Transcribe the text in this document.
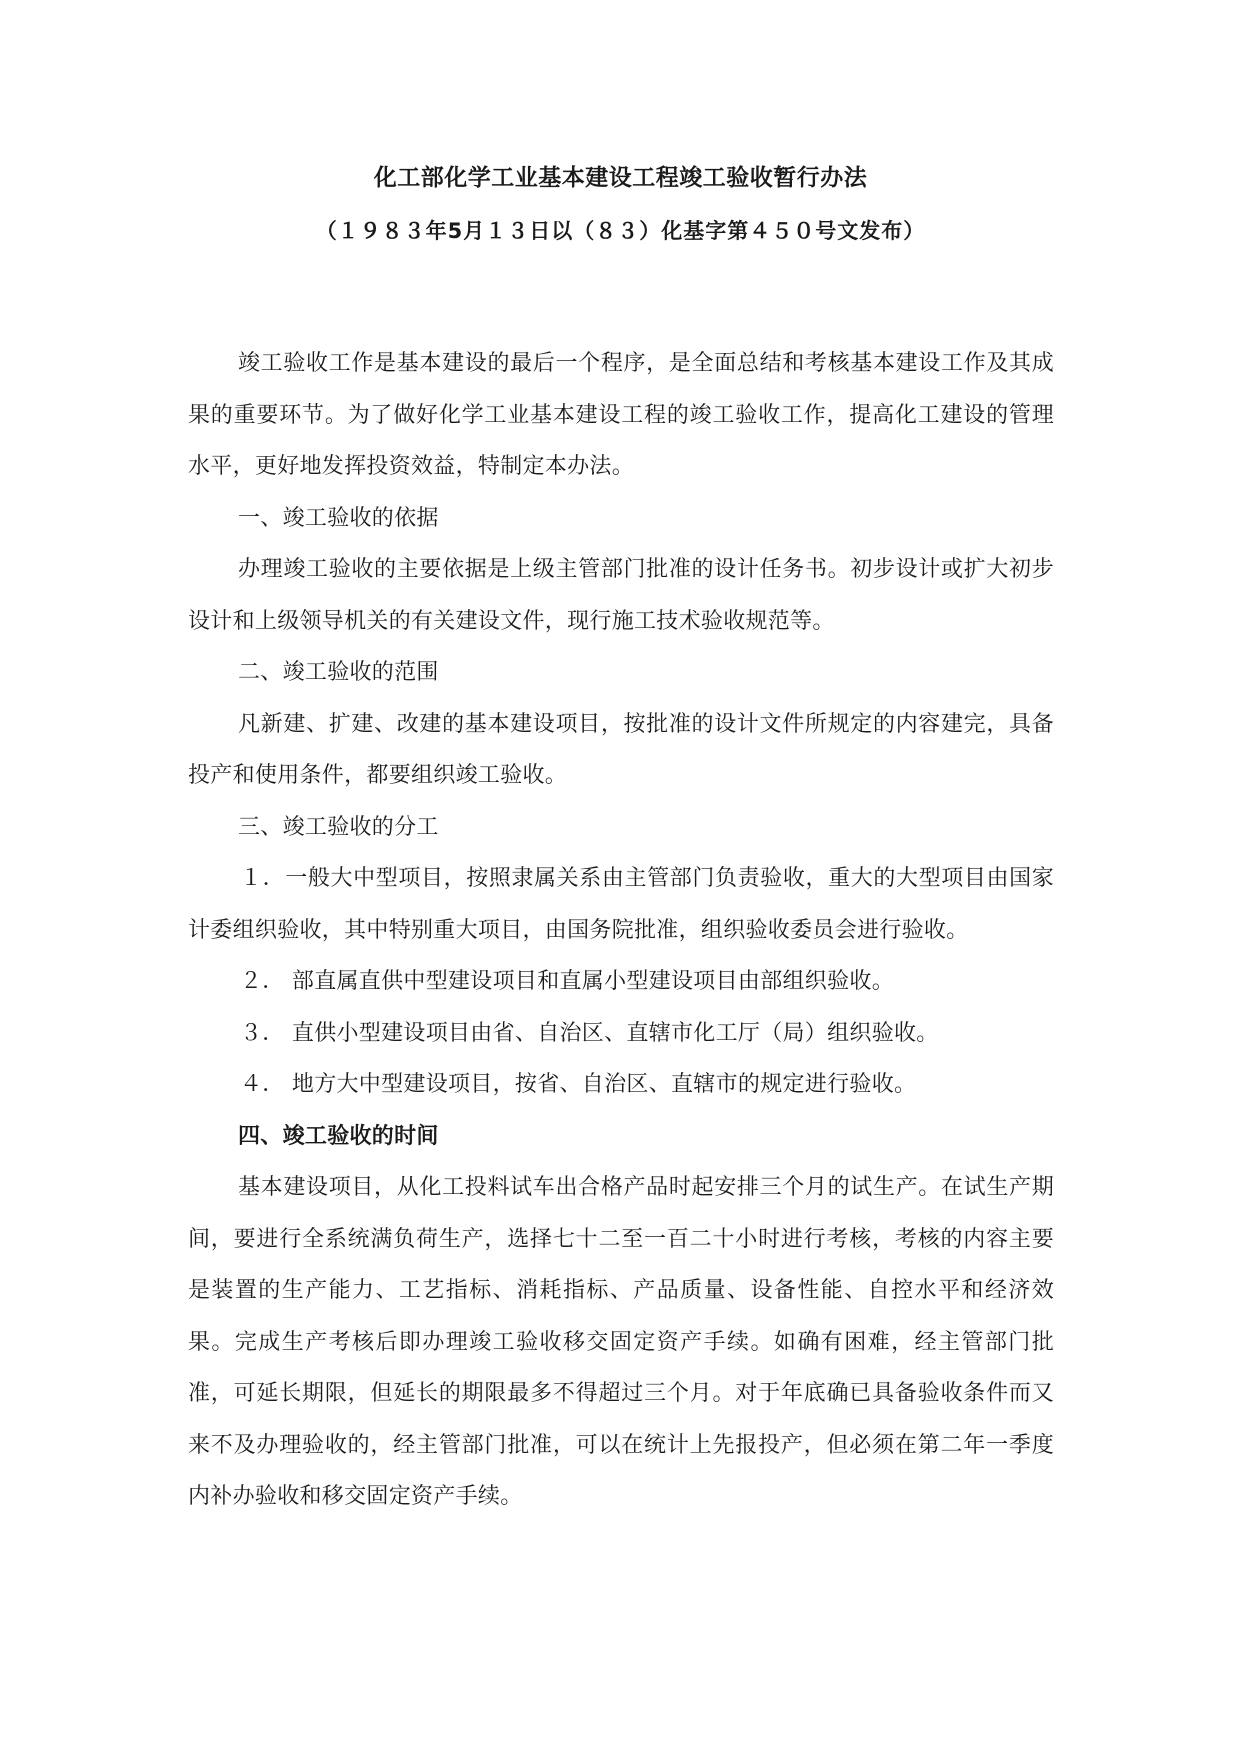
化工部化学工业基本建设工程竣工验收暂行办法

（１９８３年5月１３日以（８３）化基字第４５０号文发布）

竣工验收工作是基本建设的最后一个程序，是全面总结和考核基本建设工作及其成果的重要环节。为了做好化学工业基本建设工程的竣工验收工作，提高化工建设的管理水平，更好地发挥投资效益，特制定本办法。

一、竣工验收的依据

办理竣工验收的主要依据是上级主管部门批准的设计任务书。初步设计或扩大初步设计和上级领导机关的有关建设文件，现行施工技术验收规范等。

二、竣工验收的范围

凡新建、扩建、改建的基本建设项目，按批准的设计文件所规定的内容建完，具备投产和使用条件，都要组织竣工验收。

三、竣工验收的分工

１．一般大中型项目，按照隶属关系由主管部门负责验收，重大的大型项目由国家计委组织验收，其中特别重大项目，由国务院批准，组织验收委员会进行验收。

２． 部直属直供中型建设项目和直属小型建设项目由部组织验收。

３． 直供小型建设项目由省、自治区、直辖市化工厅（局）组织验收。

４． 地方大中型建设项目，按省、自治区、直辖市的规定进行验收。

四、竣工验收的时间

基本建设项目，从化工投料试车出合格产品时起安排三个月的试生产。在试生产期间，要进行全系统满负荷生产，选择七十二至一百二十小时进行考核，考核的内容主要是装置的生产能力、工艺指标、消耗指标、产品质量、设备性能、自控水平和经济效果。完成生产考核后即办理竣工验收移交固定资产手续。如确有困难，经主管部门批准，可延长期限，但延长的期限最多不得超过三个月。对于年底确已具备验收条件而又来不及办理验收的，经主管部门批准，可以在统计上先报投产，但必须在第二年一季度内补办验收和移交固定资产手续。
